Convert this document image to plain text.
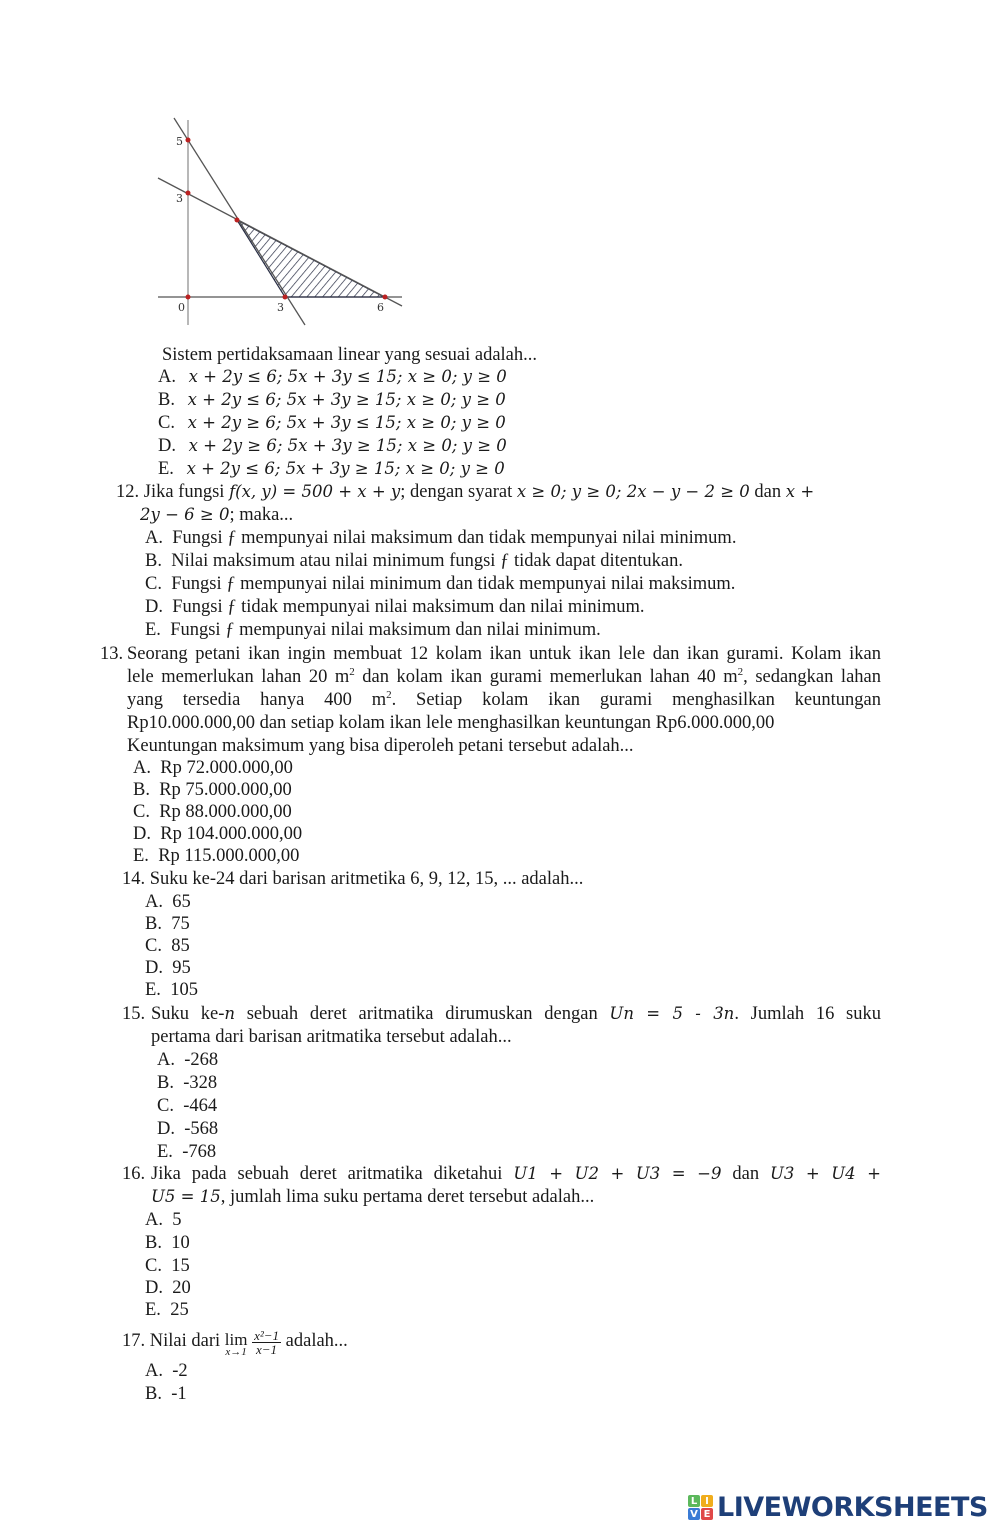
5
3
0	3	6
Sistem pertidaksamaan linear yang sesuai adalah...
A. x + 2y ≤ 6; 5x + 3y ≤ 15; x ≥ 0; y ≥ 0
B. x + 2y ≤ 6; 5x + 3y ≥ 15; x ≥ 0; y ≥ 0
C. x + 2y ≥ 6; 5x + 3y ≤ 15; x ≥ 0; y ≥ 0
D. x + 2y ≥ 6; 5x + 3y ≥ 15; x ≥ 0; y ≥ 0
E. x + 2y ≤ 6; 5x + 3y ≥ 15; x ≥ 0; y ≥ 0
12. Jika fungsi f(x, y) = 500 + x + y; dengan syarat x ≥ 0; y ≥ 0; 2x − y − 2 ≥ 0 dan x +
2y − 6 ≥ 0; maka...
A. Fungsi ƒ mempunyai nilai maksimum dan tidak mempunyai nilai minimum.
B. Nilai maksimum atau nilai minimum fungsi ƒ tidak dapat ditentukan.
C. Fungsi ƒ mempunyai nilai minimum dan tidak mempunyai nilai maksimum.
D. Fungsi ƒ tidak mempunyai nilai maksimum dan nilai minimum.
E. Fungsi ƒ mempunyai nilai maksimum dan nilai minimum.
13. Seorang petani ikan ingin membuat 12 kolam ikan untuk ikan lele dan ikan gurami. Kolam ikan
lele memerlukan lahan 20 $m^2$ dan kolam ikan gurami memerlukan lahan 40 $m^2$, sedangkan lahan
yang tersedia hanya 400 $m^2$. Setiap kolam ikan gurami menghasilkan keuntungan
Rp10.000.000,00 dan setiap kolam ikan lele menghasilkan keuntungan Rp6.000.000,00
Keuntungan maksimum yang bisa diperoleh petani tersebut adalah...
A. Rp 72.000.000,00
B. Rp 75.000.000,00
C. Rp 88.000.000,00
D. Rp 104.000.000,00
E. Rp 115.000.000,00
14. Suku ke-24 dari barisan aritmetika 6, 9, 12, 15, ... adalah...
A. 65
B. 75
C. 85
D. 95
E. 105
15. Suku ke-n sebuah deret aritmatika dirumuskan dengan Un = 5 - 3n. Jumlah 16 suku
pertama dari barisan aritmatika tersebut adalah...
A. -268
B. -328
C. -464
D. -568
E. -768
16. Jika pada sebuah deret aritmatika diketahui U1 + U2 + U3 = −9 dan U3 + U4 +
U5 = 15, jumlah lima suku pertama deret tersebut adalah...
A. 5
B. 10
C. 15
D. 20
E. 25
17. Nilai dari lim
x→1
$\frac{\text{x²−1}}{x-1}$ adalah...
A. -2
B. -1
L I
V E LIVEWORKSHEETS
